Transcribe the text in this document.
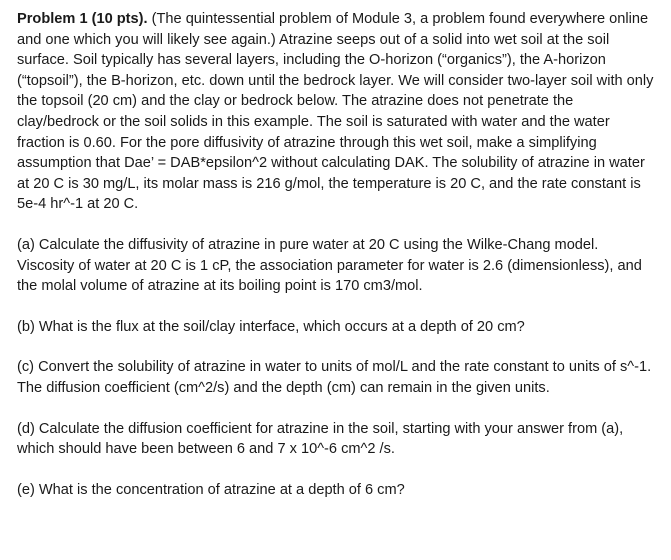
Problem 1 (10 pts). (The quintessential problem of Module 3, a problem found everywhere online and one which you will likely see again.) Atrazine seeps out of a solid into wet soil at the soil surface. Soil typically has several layers, including the O-horizon (“organics”), the A-horizon (“topsoil”), the B-horizon, etc. down until the bedrock layer. We will consider two-layer soil with only the topsoil (20 cm) and the clay or bedrock below. The atrazine does not penetrate the clay/bedrock or the soil solids in this example. The soil is saturated with water and the water fraction is 0.60. For the pore diffusivity of atrazine through this wet soil, make a simplifying assumption that Dae’ = DAB*epsilon^2 without calculating DAK. The solubility of atrazine in water at 20 C is 30 mg/L, its molar mass is 216 g/mol, the temperature is 20 C, and the rate constant is 5e-4 hr^-1 at 20 C.

(a) Calculate the diffusivity of atrazine in pure water at 20 C using the Wilke-Chang model. Viscosity of water at 20 C is 1 cP, the association parameter for water is 2.6 (dimensionless), and the molal volume of atrazine at its boiling point is 170 cm3/mol.

(b) What is the flux at the soil/clay interface, which occurs at a depth of 20 cm?

(c) Convert the solubility of atrazine in water to units of mol/L and the rate constant to units of s^-1. The diffusion coefficient (cm^2/s) and the depth (cm) can remain in the given units.

(d) Calculate the diffusion coefficient for atrazine in the soil, starting with your answer from (a), which should have been between 6 and 7 x 10^-6 cm^2 /s.

(e) What is the concentration of atrazine at a depth of 6 cm?
